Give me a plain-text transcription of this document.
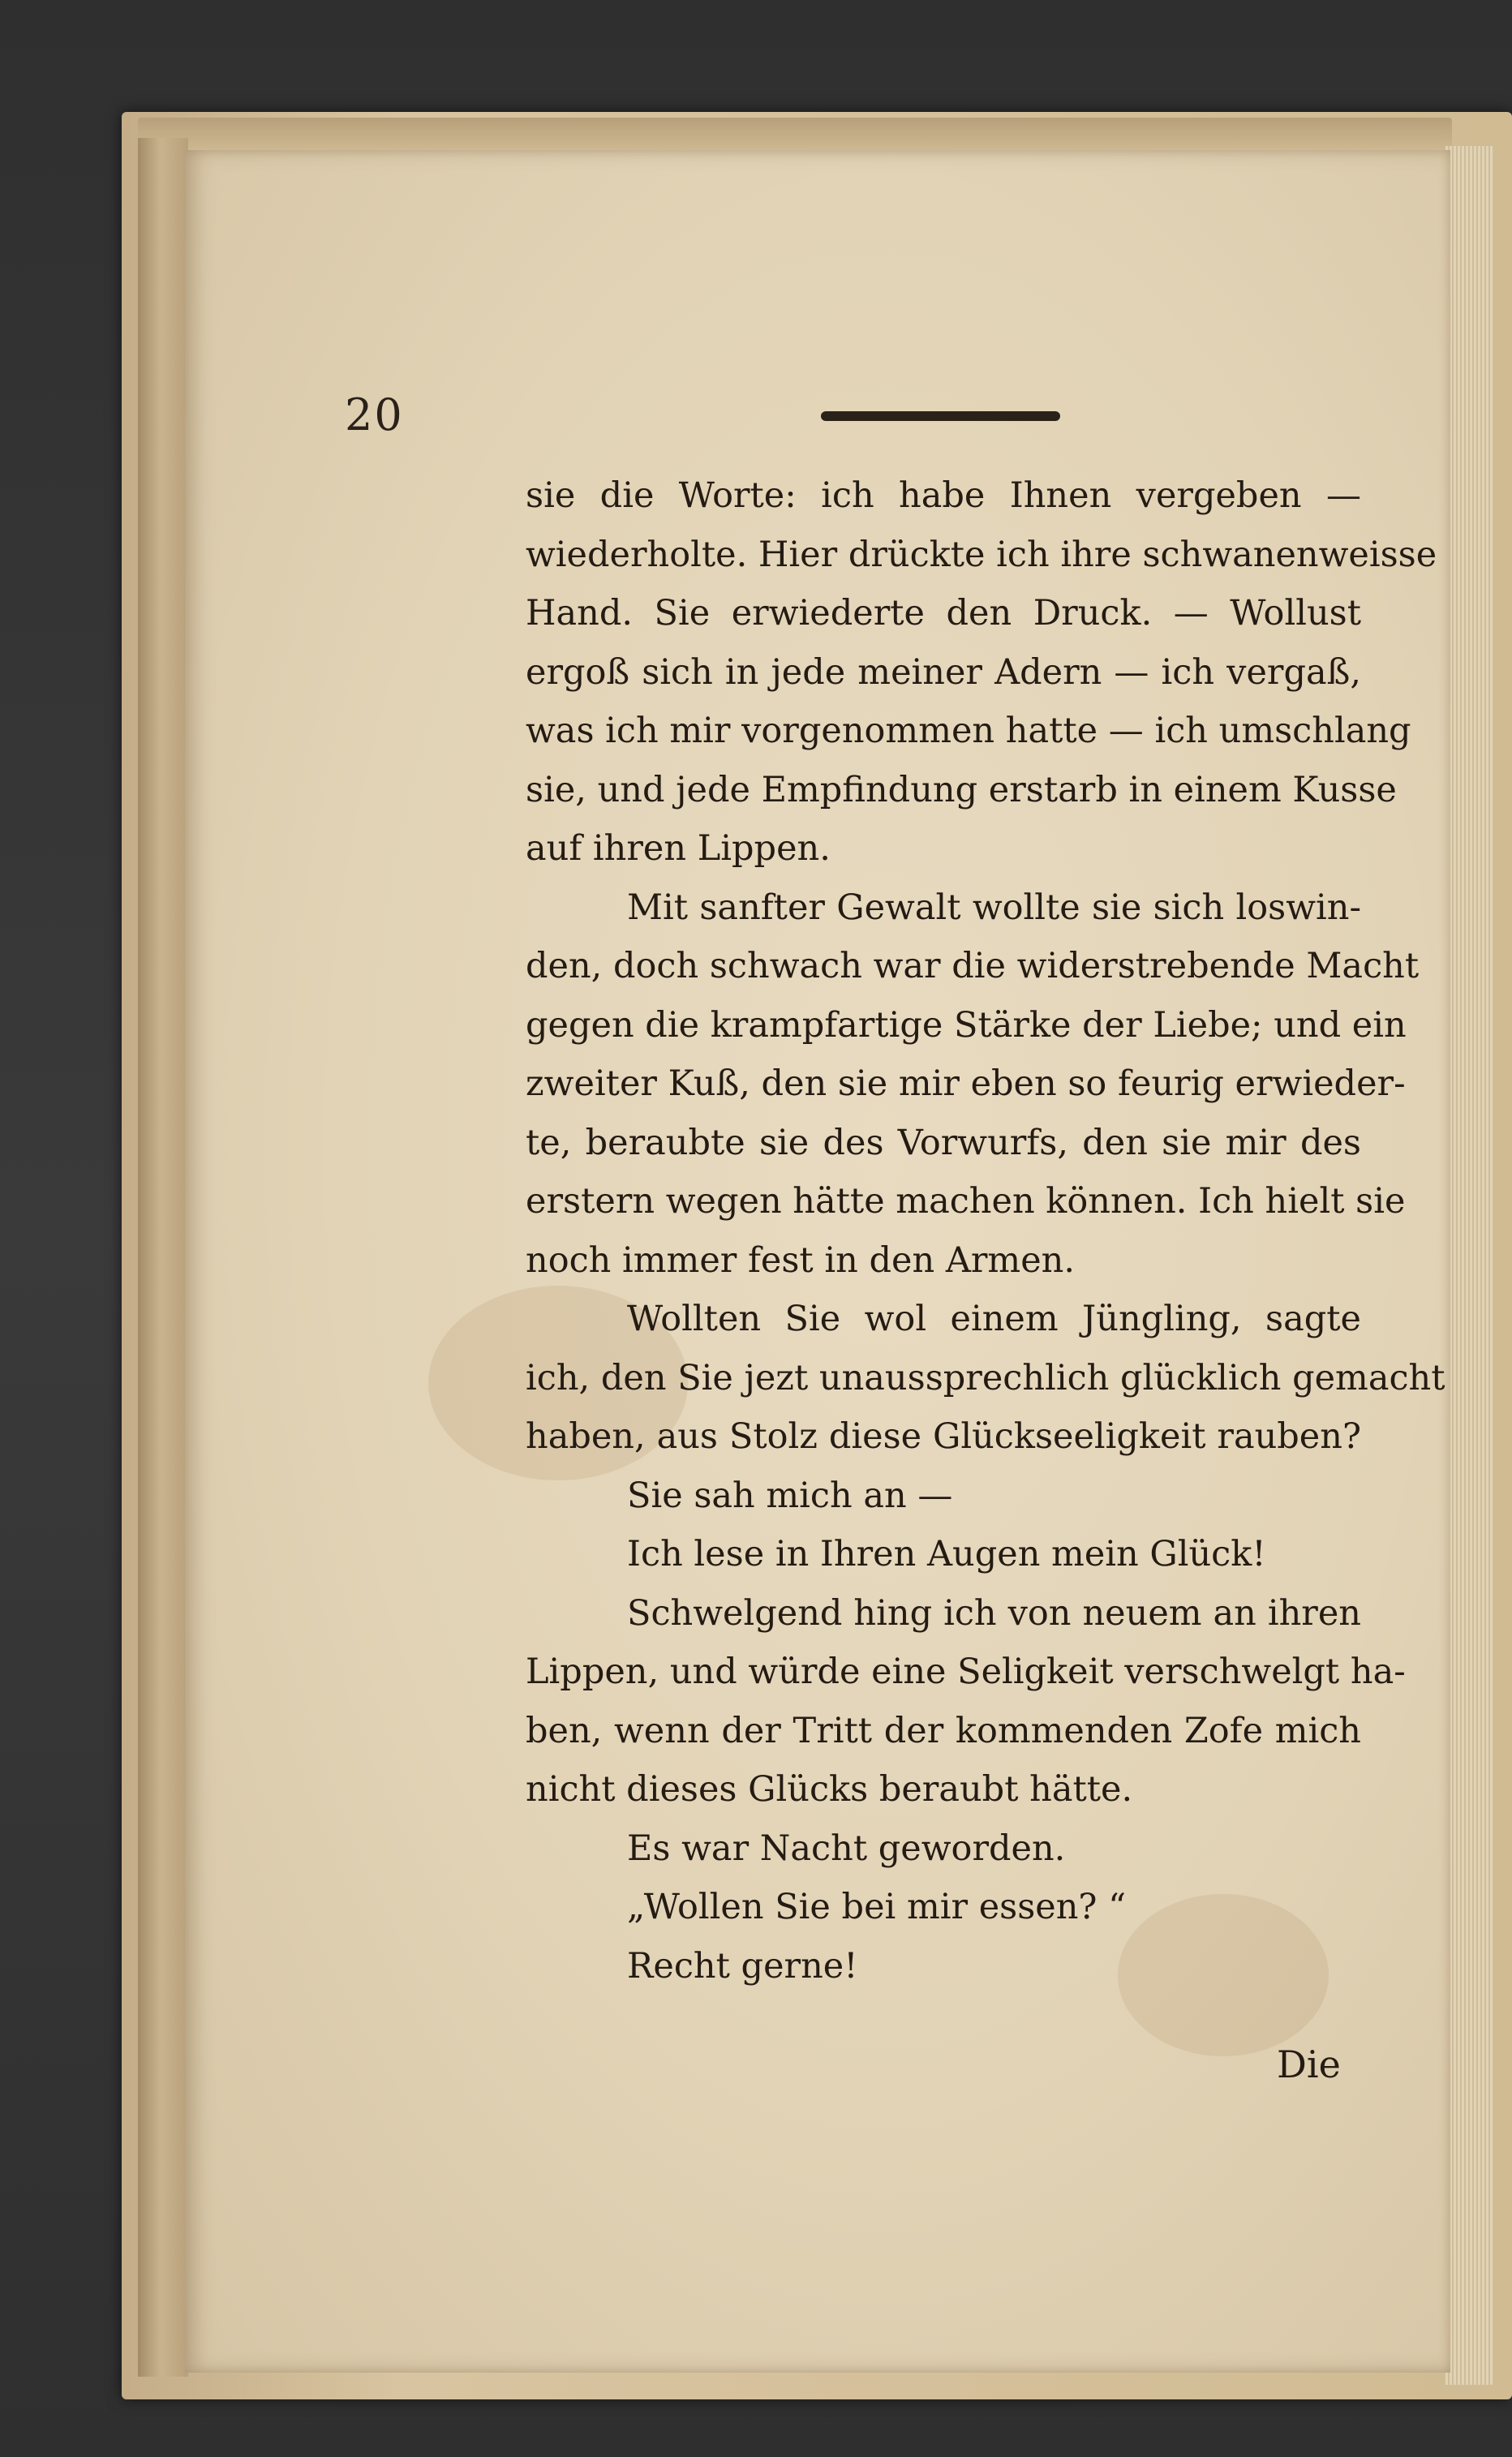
20
sie die Worte: ich habe Ihnen vergeben —
wiederholte. Hier drückte ich ihre schwanenweisse
Hand. Sie erwiederte den Druck. — Wollust
ergoß sich in jede meiner Adern — ich vergaß,
was ich mir vorgenommen hatte — ich umschlang
sie, und jede Empfindung erstarb in einem Kusse
auf ihren Lippen.
Mit sanfter Gewalt wollte sie sich loswin-
den, doch schwach war die widerstrebende Macht
gegen die krampfartige Stärke der Liebe; und ein
zweiter Kuß, den sie mir eben so feurig erwieder-
te, beraubte sie des Vorwurfs, den sie mir des
erstern wegen hätte machen können. Ich hielt sie
noch immer fest in den Armen.
Wollten Sie wol einem Jüngling, sagte
ich, den Sie jezt unaussprechlich glücklich gemacht
haben, aus Stolz diese Glückseeligkeit rauben?
Sie sah mich an —
Ich lese in Ihren Augen mein Glück!
Schwelgend hing ich von neuem an ihren
Lippen, und würde eine Seligkeit verschwelgt ha-
ben, wenn der Tritt der kommenden Zofe mich
nicht dieses Glücks beraubt hätte.
Es war Nacht geworden.
„Wollen Sie bei mir essen? “
Recht gerne!
Die
